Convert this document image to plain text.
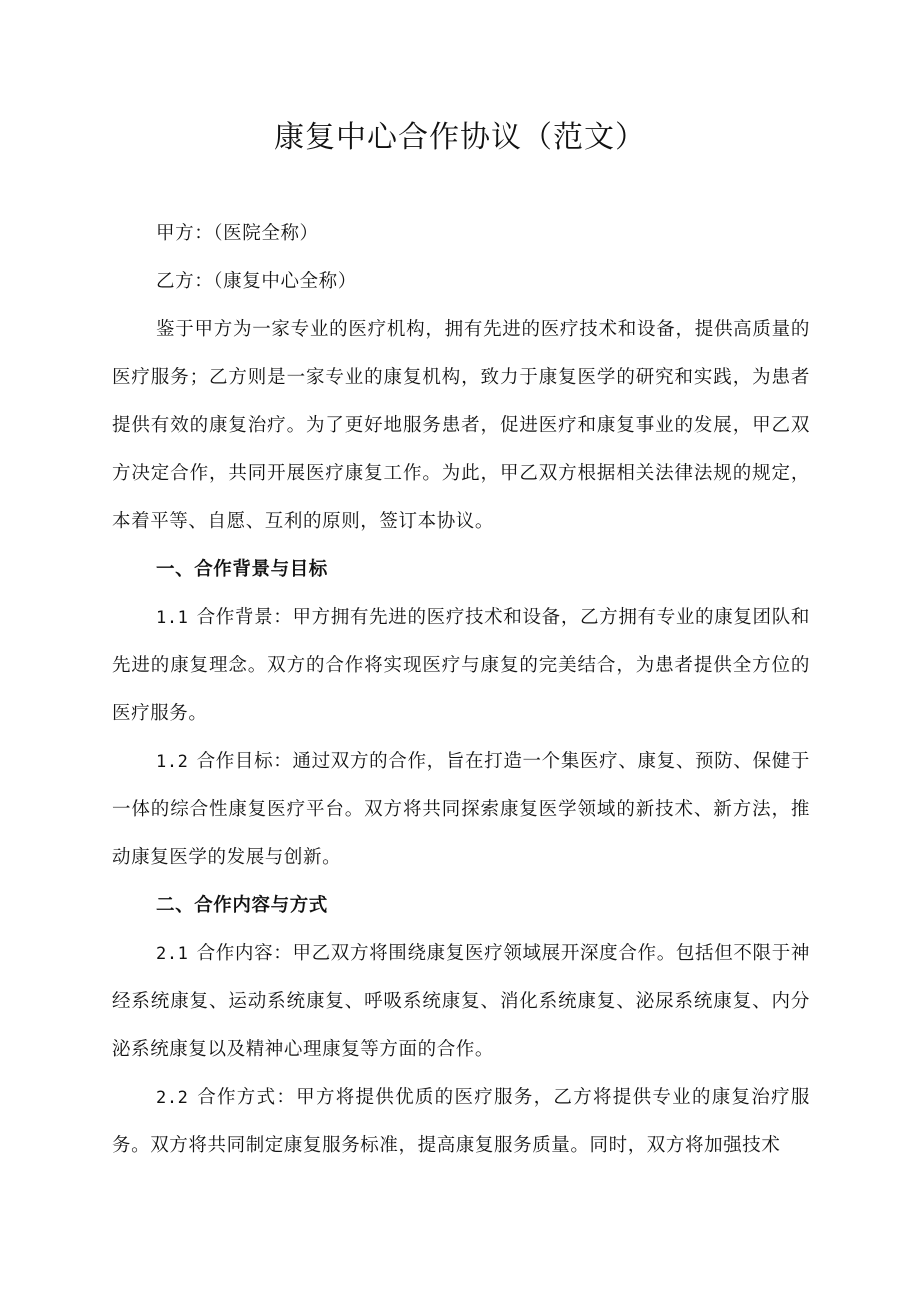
康复中心合作协议（范文）

甲方：（医院全称）

乙方：（康复中心全称）

鉴于甲方为一家专业的医疗机构，拥有先进的医疗技术和设备，提供高质量的医疗服务；乙方则是一家专业的康复机构，致力于康复医学的研究和实践，为患者提供有效的康复治疗。为了更好地服务患者，促进医疗和康复事业的发展，甲乙双方决定合作，共同开展医疗康复工作。为此，甲乙双方根据相关法律法规的规定，本着平等、自愿、互利的原则，签订本协议。

一、合作背景与目标

1.1 合作背景：甲方拥有先进的医疗技术和设备，乙方拥有专业的康复团队和先进的康复理念。双方的合作将实现医疗与康复的完美结合，为患者提供全方位的医疗服务。

1.2 合作目标：通过双方的合作，旨在打造一个集医疗、康复、预防、保健于一体的综合性康复医疗平台。双方将共同探索康复医学领域的新技术、新方法，推动康复医学的发展与创新。

二、合作内容与方式

2.1 合作内容：甲乙双方将围绕康复医疗领域展开深度合作。包括但不限于神经系统康复、运动系统康复、呼吸系统康复、消化系统康复、泌尿系统康复、内分泌系统康复以及精神心理康复等方面的合作。

2.2 合作方式：甲方将提供优质的医疗服务，乙方将提供专业的康复治疗服务。双方将共同制定康复服务标准，提高康复服务质量。同时，双方将加强技术
